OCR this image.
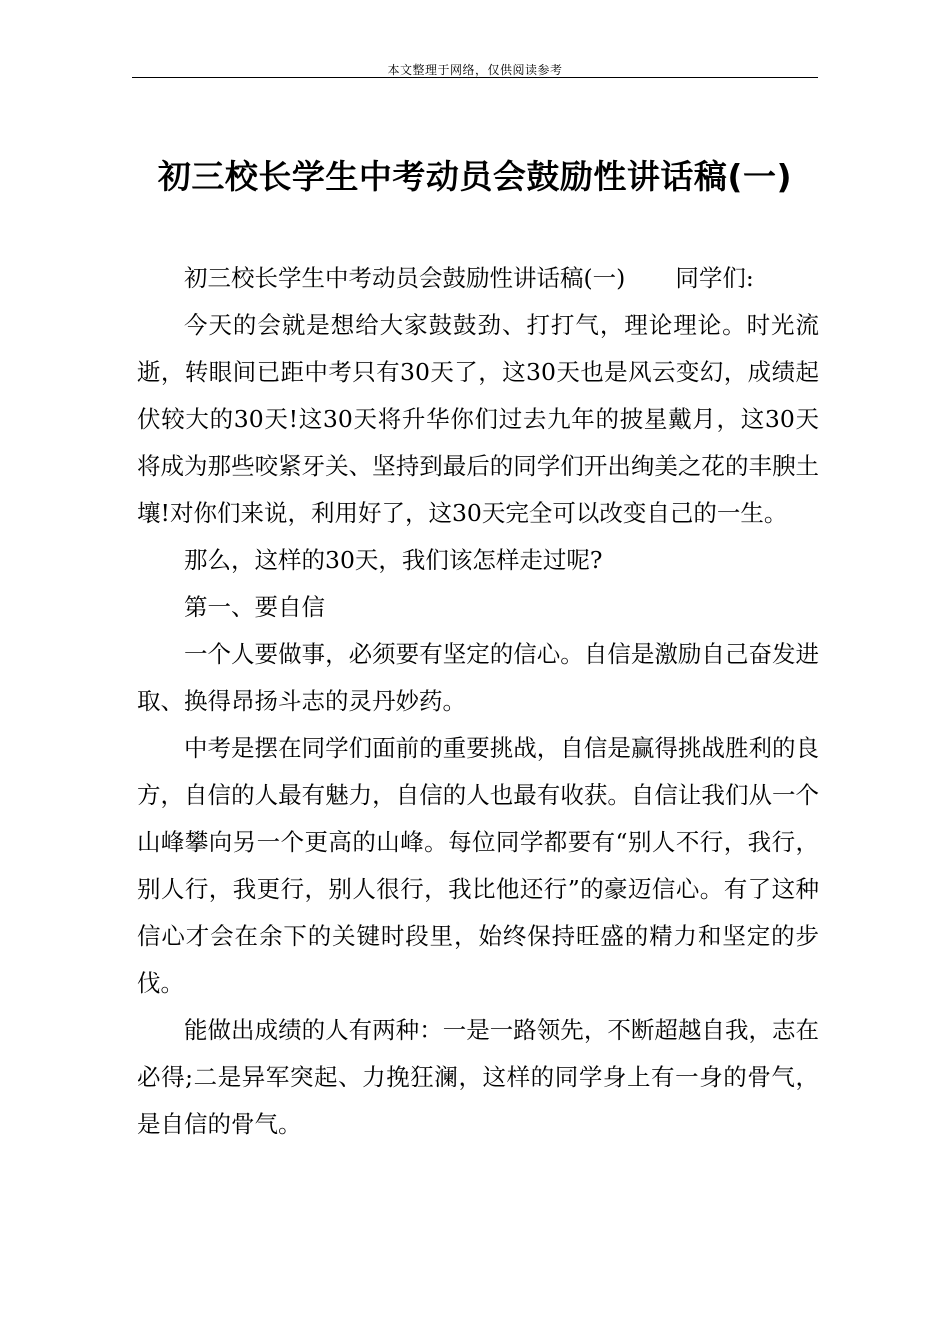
本文整理于网络，仅供阅读参考
初三校长学生中考动员会鼓励性讲话稿(一)

初三校长学生中考动员会鼓励性讲话稿(一) 同学们:

今天的会就是想给大家鼓鼓劲、打打气，理论理论。时光流逝，转眼间已距中考只有30天了，这30天也是风云变幻，成绩起伏较大的30天!这30天将升华你们过去九年的披星戴月，这30天将成为那些咬紧牙关、坚持到最后的同学们开出绚美之花的丰腴土壤!对你们来说，利用好了，这30天完全可以改变自己的一生。

那么，这样的30天，我们该怎样走过呢?

第一、要自信

一个人要做事，必须要有坚定的信心。自信是激励自己奋发进取、换得昂扬斗志的灵丹妙药。

中考是摆在同学们面前的重要挑战，自信是赢得挑战胜利的良方，自信的人最有魅力，自信的人也最有收获。自信让我们从一个山峰攀向另一个更高的山峰。每位同学都要有“别人不行，我行，别人行，我更行，别人很行，我比他还行”的豪迈信心。有了这种信心才会在余下的关键时段里，始终保持旺盛的精力和坚定的步伐。

能做出成绩的人有两种：一是一路领先，不断超越自我，志在必得;二是异军突起、力挽狂澜，这样的同学身上有一身的骨气，是自信的骨气。
